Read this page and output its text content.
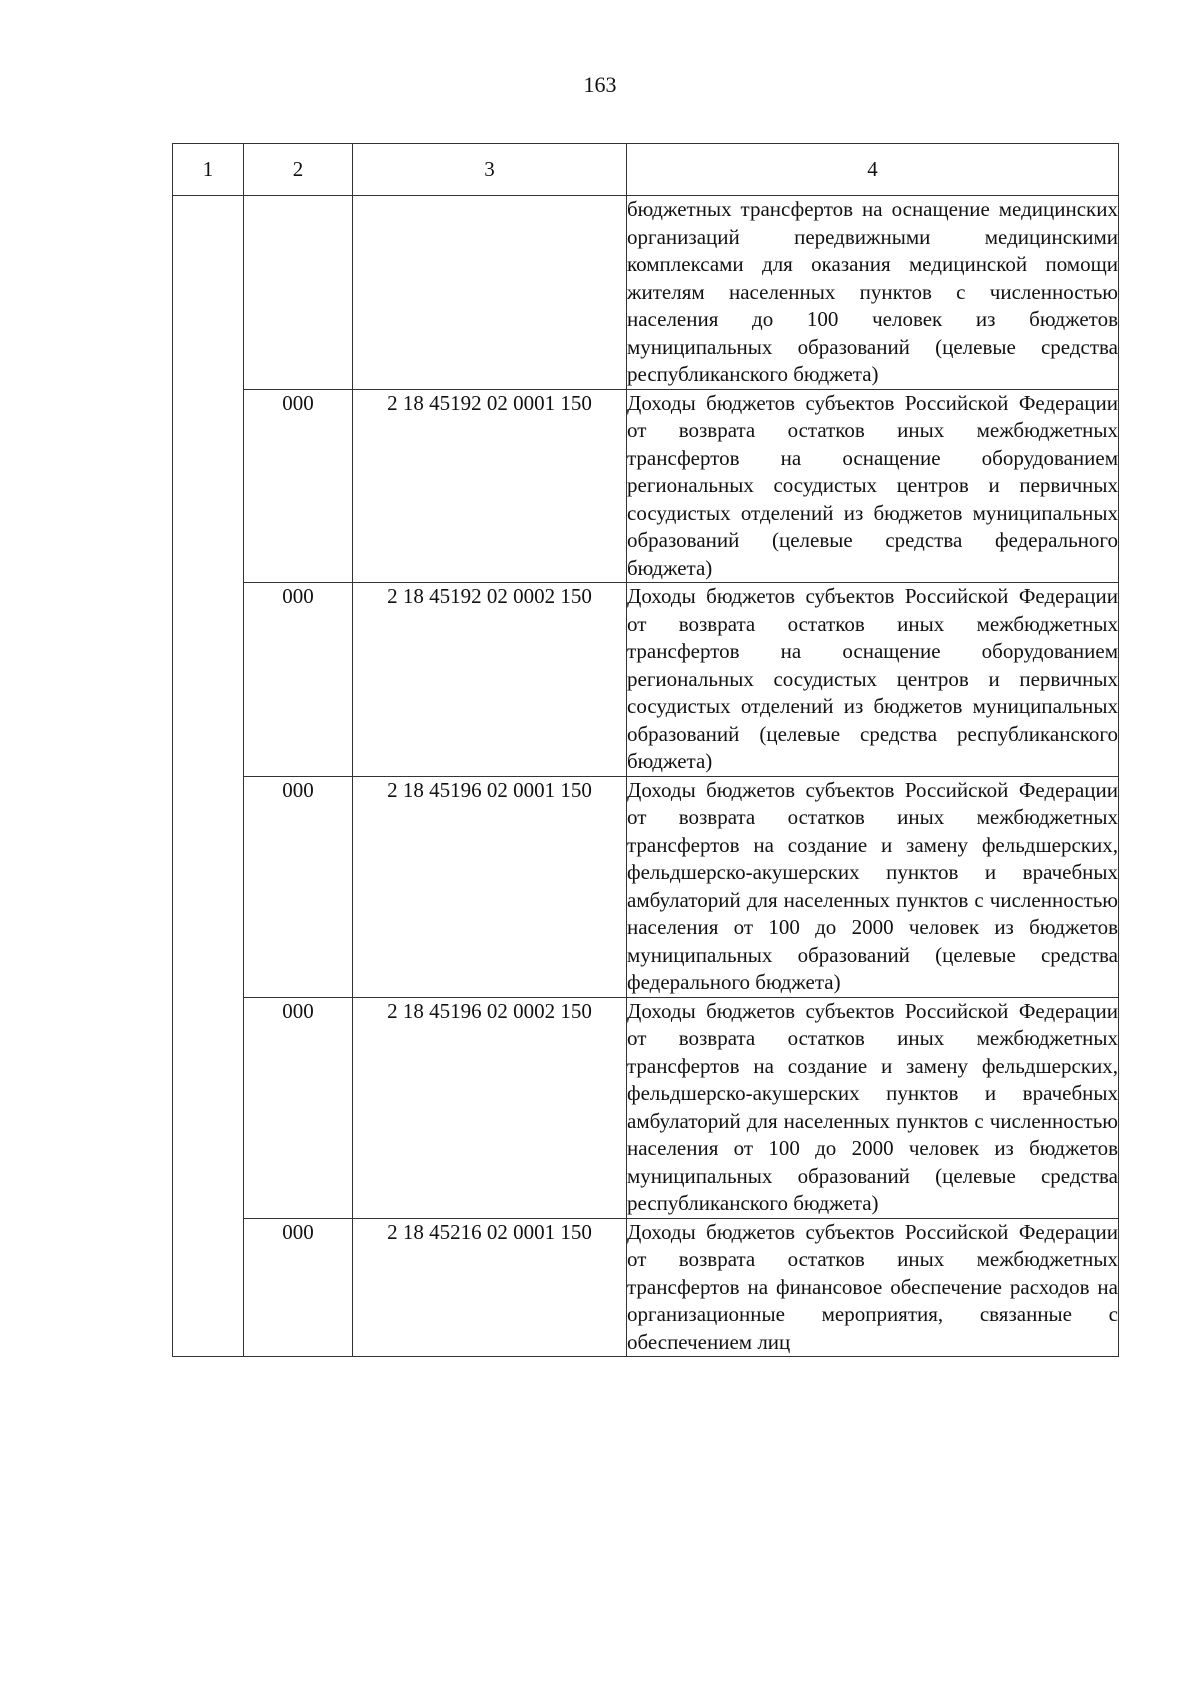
163
1	2	3	4
			бюджетных трансфертов на оснащение медицинских организаций передвижными медицинскими комплексами для оказания медицинской помощи жителям населенных пунктов с численностью населения до 100 человек из бюджетов муниципальных образований (целевые средства республиканского бюджета)
	000	2 18 45192 02 0001 150	Доходы бюджетов субъектов Российской Федерации от возврата остатков иных межбюджетных трансфертов на оснащение оборудованием региональных сосудистых центров и первичных сосудистых отделений из бюджетов муниципальных образований (целевые средства федерального бюджета)
	000	2 18 45192 02 0002 150	Доходы бюджетов субъектов Российской Федерации от возврата остатков иных межбюджетных трансфертов на оснащение оборудованием региональных сосудистых центров и первичных сосудистых отделений из бюджетов муниципальных образований (целевые средства республиканского бюджета)
	000	2 18 45196 02 0001 150	Доходы бюджетов субъектов Российской Федерации от возврата остатков иных межбюджетных трансфертов на создание и замену фельдшерских, фельдшерско-акушерских пунктов и врачебных амбулаторий для населенных пунктов с численностью населения от 100 до 2000 человек из бюджетов муниципальных образований (целевые средства федерального бюджета)
	000	2 18 45196 02 0002 150	Доходы бюджетов субъектов Российской Федерации от возврата остатков иных межбюджетных трансфертов на создание и замену фельдшерских, фельдшерско-акушерских пунктов и врачебных амбулаторий для населенных пунктов с численностью населения от 100 до 2000 человек из бюджетов муниципальных образований (целевые средства республиканского бюджета)
	000	2 18 45216 02 0001 150	Доходы бюджетов субъектов Российской Федерации от возврата остатков иных межбюджетных трансфертов на финансовое обеспечение расходов на организационные мероприятия, связанные с обеспечением лиц
